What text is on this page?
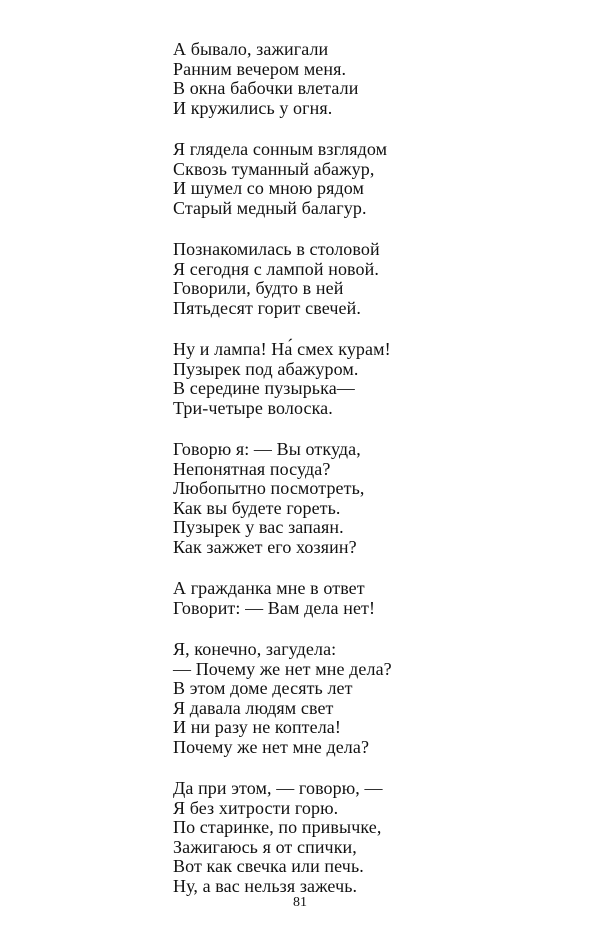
А бывало, зажигали
Ранним вечером меня.
В окна бабочки влетали
И кружились у огня.
Я глядела сонным взглядом
Сквозь туманный абажур,
И шумел со мною рядом
Старый медный балагур.
Познакомилась в столовой
Я сегодня с лампой новой.
Говорили, будто в ней
Пятьдесят горит свечей.
Ну и лампа! На́ смех курам!
Пузырек под абажуром.
В середине пузырька—
Три-четыре волоска.
Говорю я: — Вы откуда,
Непонятная посуда?
Любопытно посмотреть,
Как вы будете гореть.
Пузырек у вас запаян.
Как зажжет его хозяин?
А гражданка мне в ответ
Говорит: — Вам дела нет!
Я, конечно, загудела:
— Почему же нет мне дела?
В этом доме десять лет
Я давала людям свет
И ни разу не коптела!
Почему же нет мне дела?
Да при этом, — говорю, —
Я без хитрости горю.
По старинке, по привычке,
Зажигаюсь я от спички,
Вот как свечка или печь.
Ну, а вас нельзя зажечь.
81
